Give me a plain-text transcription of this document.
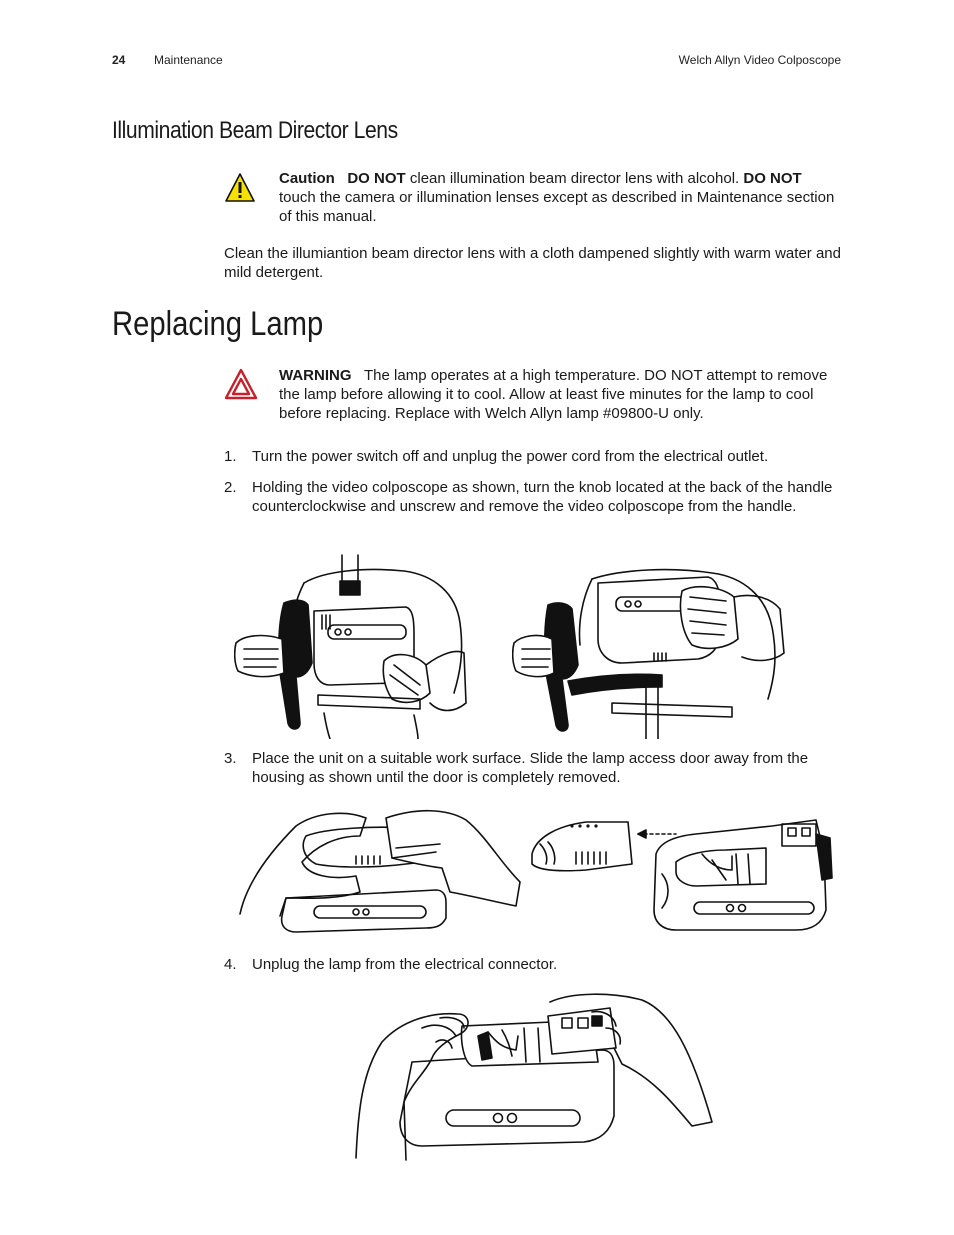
24 Maintenance	Welch Allyn Video Colposcope
Illumination Beam Director Lens
Caution DO NOT clean illumination beam director lens with alcohol. DO NOT touch the camera or illumination lenses except as described in Maintenance section of this manual.
Clean the illumiantion beam director lens with a cloth dampened slightly with warm water and mild detergent.
Replacing Lamp
WARNING The lamp operates at a high temperature. DO NOT attempt to remove the lamp before allowing it to cool. Allow at least five minutes for the lamp to cool before replacing. Replace with Welch Allyn lamp #09800-U only.
1. Turn the power switch off and unplug the power cord from the electrical outlet.
2. Holding the video colposcope as shown, turn the knob located at the back of the handle counterclockwise and unscrew and remove the video colposcope from the handle.
3. Place the unit on a suitable work surface. Slide the lamp access door away from the housing as shown until the door is completely removed.
4. Unplug the lamp from the electrical connector.
